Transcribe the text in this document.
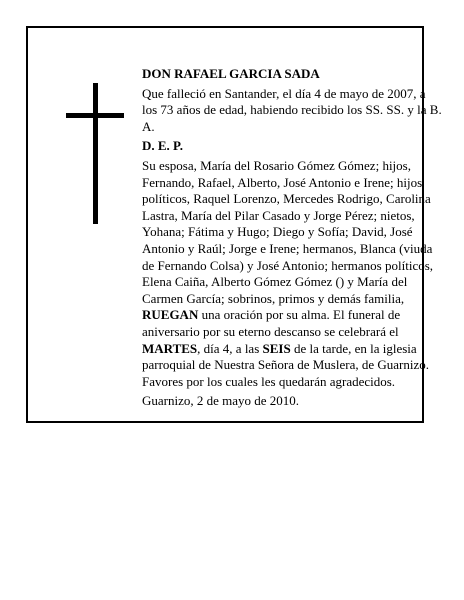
DON RAFAEL GARCIA SADA

Que falleció en Santander, el día 4 de mayo de 2007, a los 73 años de edad, habiendo recibido los SS. SS. y la B. A.

D. E. P.

Su esposa, María del Rosario Gómez Gómez; hijos, Fernando, Rafael, Alberto, José Antonio e Irene; hijos políticos, Raquel Lorenzo, Mercedes Rodrigo, Carolina Lastra, María del Pilar Casado y Jorge Pérez; nietos, Yohana; Fátima y Hugo; Diego y Sofía; David, José Antonio y Raúl; Jorge e Irene; hermanos, Blanca (viuda de Fernando Colsa) y José Antonio; hermanos políticos, Elena Caiña, Alberto Gómez Gómez () y María del Carmen García; sobrinos, primos y demás familia,

RUEGAN una oración por su alma. El funeral de aniversario por su eterno descanso se celebrará el MARTES, día 4, a las SEIS de la tarde, en la iglesia parroquial de Nuestra Señora de Muslera, de Guarnizo. Favores por los cuales les quedarán agradecidos.

Guarnizo, 2 de mayo de 2010.
